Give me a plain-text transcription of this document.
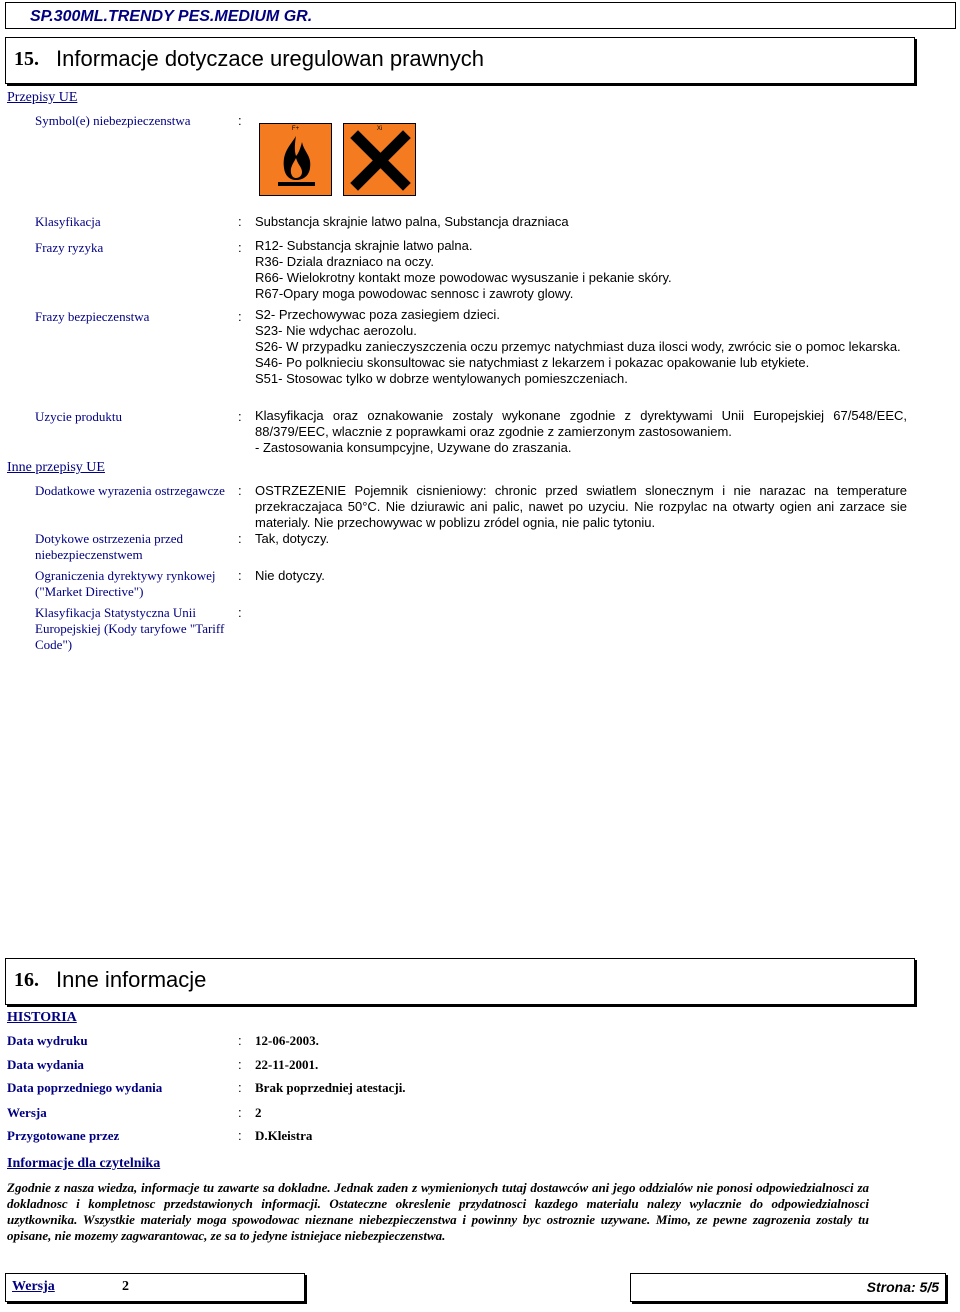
SP.300ML.TRENDY PES.MEDIUM GR.
15. Informacje dotyczace uregulowan prawnych
Przepisy UE
Symbol(e) niebezpieczenstwa	:
F+	Xi
Klasyfikacja	: Substancja skrajnie latwo palna, Substancja drazniaca
Frazy ryzyka	: R12- Substancja skrajnie latwo palna.
R36- Dziala drazniaco na oczy.
R66- Wielokrotny kontakt moze powodowac wysuszanie i pekanie skóry.
R67-Opary moga powodowac sennosc i zawroty glowy.
Frazy bezpieczenstwa	: S2- Przechowywac poza zasiegiem dzieci.
S23- Nie wdychac aerozolu.
S26- W przypadku zanieczyszczenia oczu przemyc natychmiast duza ilosci wody, zwrócic sie o pomoc lekarska.
S46- Po polknieciu skonsultowac sie natychmiast z lekarzem i pokazac opakowanie lub etykiete.
S51- Stosowac tylko w dobrze wentylowanych pomieszczeniach.
Uzycie produktu	: Klasyfikacja oraz oznakowanie zostaly wykonane zgodnie z dyrektywami Unii Europejskiej 67/548/EEC, 88/379/EEC, wlacznie z poprawkami oraz zgodnie z zamierzonym zastosowaniem.
- Zastosowania konsumpcyjne, Uzywane do zraszania.
Inne przepisy UE
Dodatkowe wyrazenia ostrzegawcze : OSTRZEZENIE Pojemnik cisnieniowy: chronic przed swiatlem slonecznym i nie narazac na temperature przekraczajaca 50°C. Nie dziurawic ani palic, nawet po uzyciu. Nie rozpylac na otwarty ogien ani zarzace sie materialy. Nie przechowywac w poblizu zródel ognia, nie palic tytoniu.
Dotykowe ostrzezenia przed niebezpieczenstwem
: Tak, dotyczy.
Ograniczenia dyrektywy rynkowej ("Market Directive")
: Nie dotyczy.
Klasyfikacja Statystyczna Unii Europejskiej (Kody taryfowe "Tariff Code")
:
16. Inne informacje
HISTORIA
Data wydruku	: 12-06-2003.
Data wydania	: 22-11-2001.
Data poprzedniego wydania	: Brak poprzedniej atestacji.
Wersja	: 2
Przygotowane przez	: D.Kleistra
Informacje dla czytelnika
Zgodnie z nasza wiedza, informacje tu zawarte sa dokladne. Jednak zaden z wymienionych tutaj dostawców ani jego oddzialów nie ponosi odpowiedzialnosci za dokladnosc i kompletnosc przedstawionych informacji. Ostateczne okreslenie przydatnosci kazdego materialu nalezy wylacznie do odpowiedzialnosci uzytkownika. Wszystkie materialy moga spowodowac nieznane niebezpieczenstwa i powinny byc ostroznie uzywane. Mimo, ze pewne zagrozenia zostaly tu opisane, nie mozemy zagwarantowac, ze sa to jedyne istniejace niebezpieczenstwa.
Wersja	2	Strona: 5/5
